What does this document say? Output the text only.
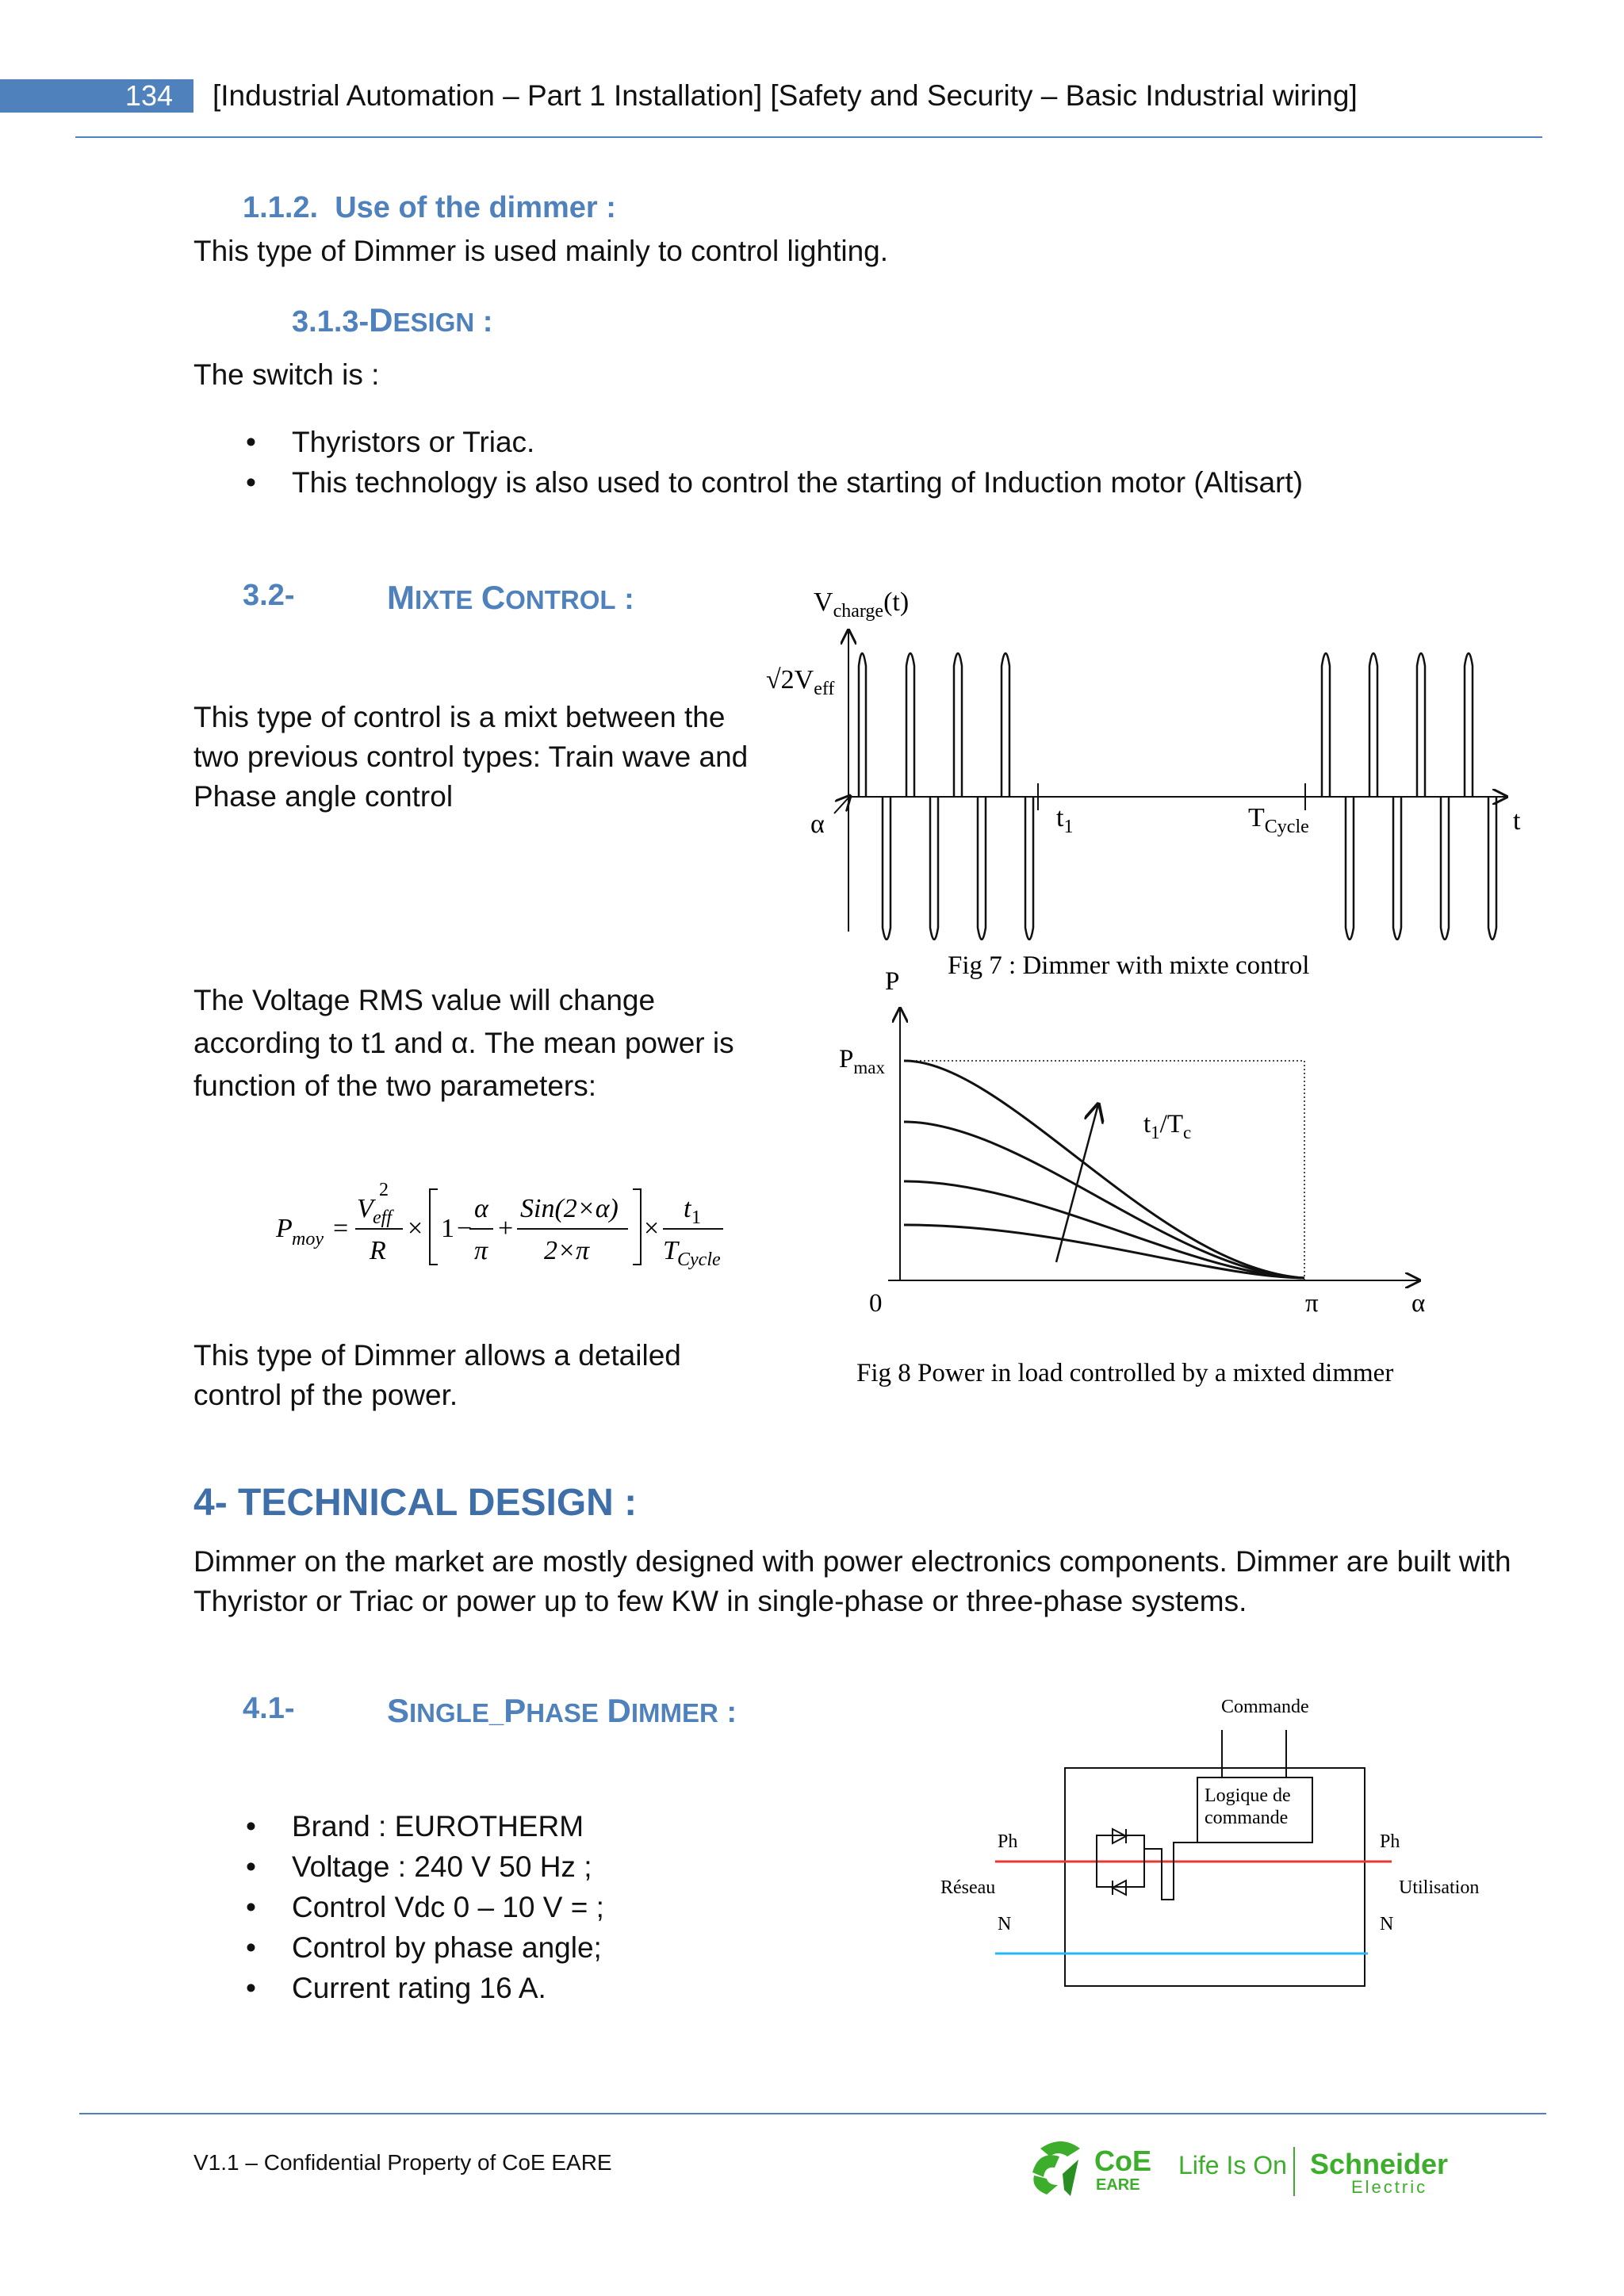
134	[Industrial Automation – Part 1 Installation] [Safety and Security – Basic Industrial wiring]
1.1.2. Use of the dimmer :
This type of Dimmer is used mainly to control lighting.
3.1.3-DESIGN :
The switch is :
• Thyristors or Triac.
• This technology is also used to control the starting of Induction motor (Altisart)
3.2-	MIXTE CONTROL :
This type of control is a mixt between the two previous control types: Train wave and Phase angle control
The Voltage RMS value will change according to t1 and α. The mean power is function of the two parameters:
P moy =
V
2
eff
R
× 1 −
α
π
+
Sin(2×α)
2×π
×
t 1
T Cycle
This type of Dimmer allows a detailed control pf the power.
$V_{charge}(t)$
$√2V_{eff}$
α	$t_1$	$T_{Cycle}$	t
Fig 7 : Dimmer with mixte control
P
$P_{max}$
$t_1/T_c$
0	π	α
Fig 8 Power in load controlled by a mixted dimmer
4- TECHNICAL DESIGN :
Dimmer on the market are mostly designed with power electronics components. Dimmer are built with Thyristor or Triac or power up to few KW in single-phase or three-phase systems.
4.1-	SINGLE_PHASE DIMMER :
• Brand : EUROTHERM
• Voltage : 240 V 50 Hz ;
• Control Vdc 0 – 10 V = ;
• Control by phase angle;
• Current rating 16 A.
Commande
Logique de
commande
Ph	Ph
Réseau	Utilisation
N	N
V1.1 – Confidential Property of CoE EARE	CoE
EARE
Life Is On Schneider
Electric
